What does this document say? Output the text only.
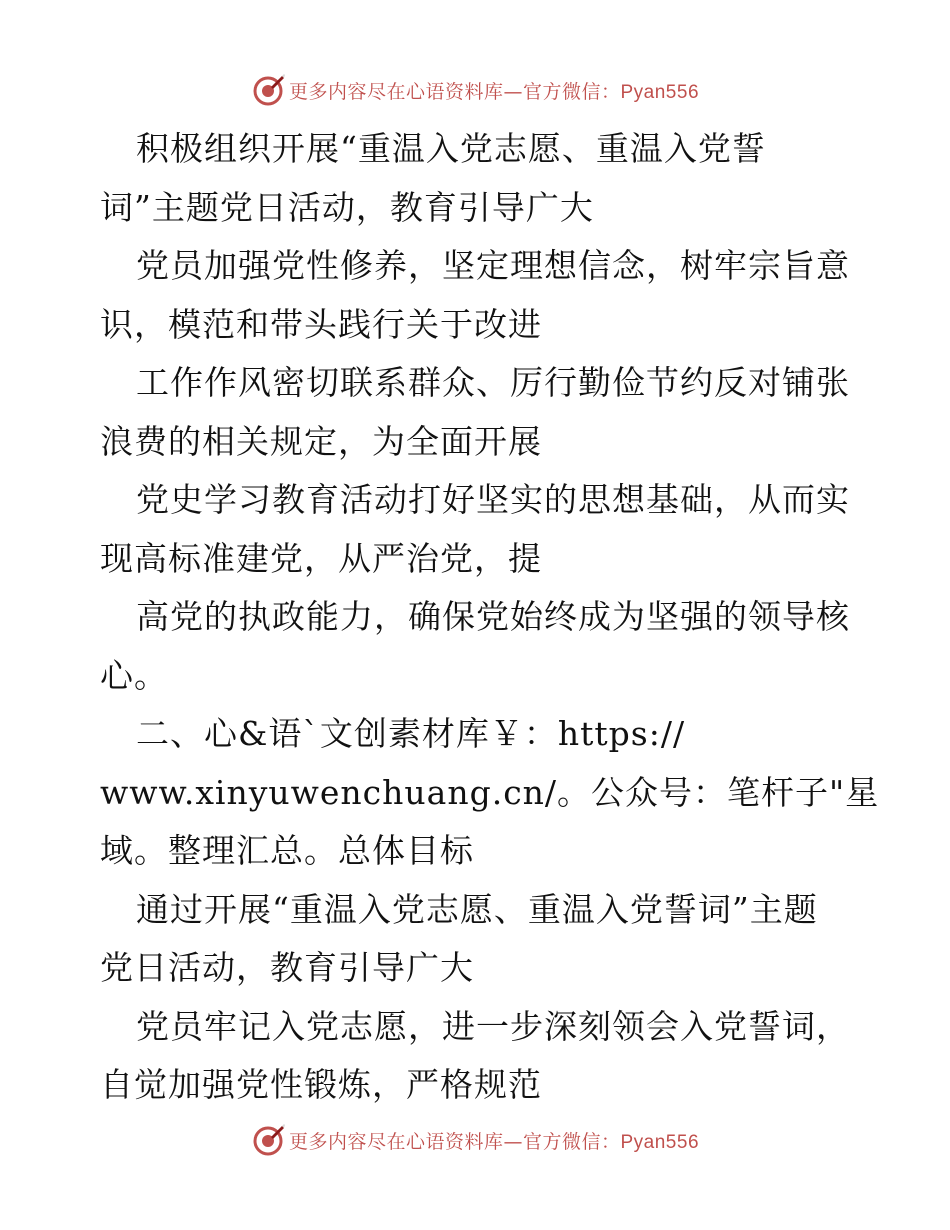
更多内容尽在心语资料库—官方微信：Pyan556
积极组织开展“重温入党志愿、重温入党誓
词”主题党日活动，教育引导广大
党员加强党性修养，坚定理想信念，树牢宗旨意
识，模范和带头践行关于改进
工作作风密切联系群众、厉行勤俭节约反对铺张
浪费的相关规定，为全面开展
党史学习教育活动打好坚实的思想基础，从而实
现高标准建党，从严治党，提
高党的执政能力，确保党始终成为坚强的领导核
心。
二、心&语`文创素材库￥：https://
www.xinyuwenchuang.cn/。公众号：笔杆子"星
域。整理汇总。总体目标
通过开展“重温入党志愿、重温入党誓词”主题
党日活动，教育引导广大
党员牢记入党志愿，进一步深刻领会入党誓词，
自觉加强党性锻炼，严格规范
更多内容尽在心语资料库—官方微信：Pyan556
